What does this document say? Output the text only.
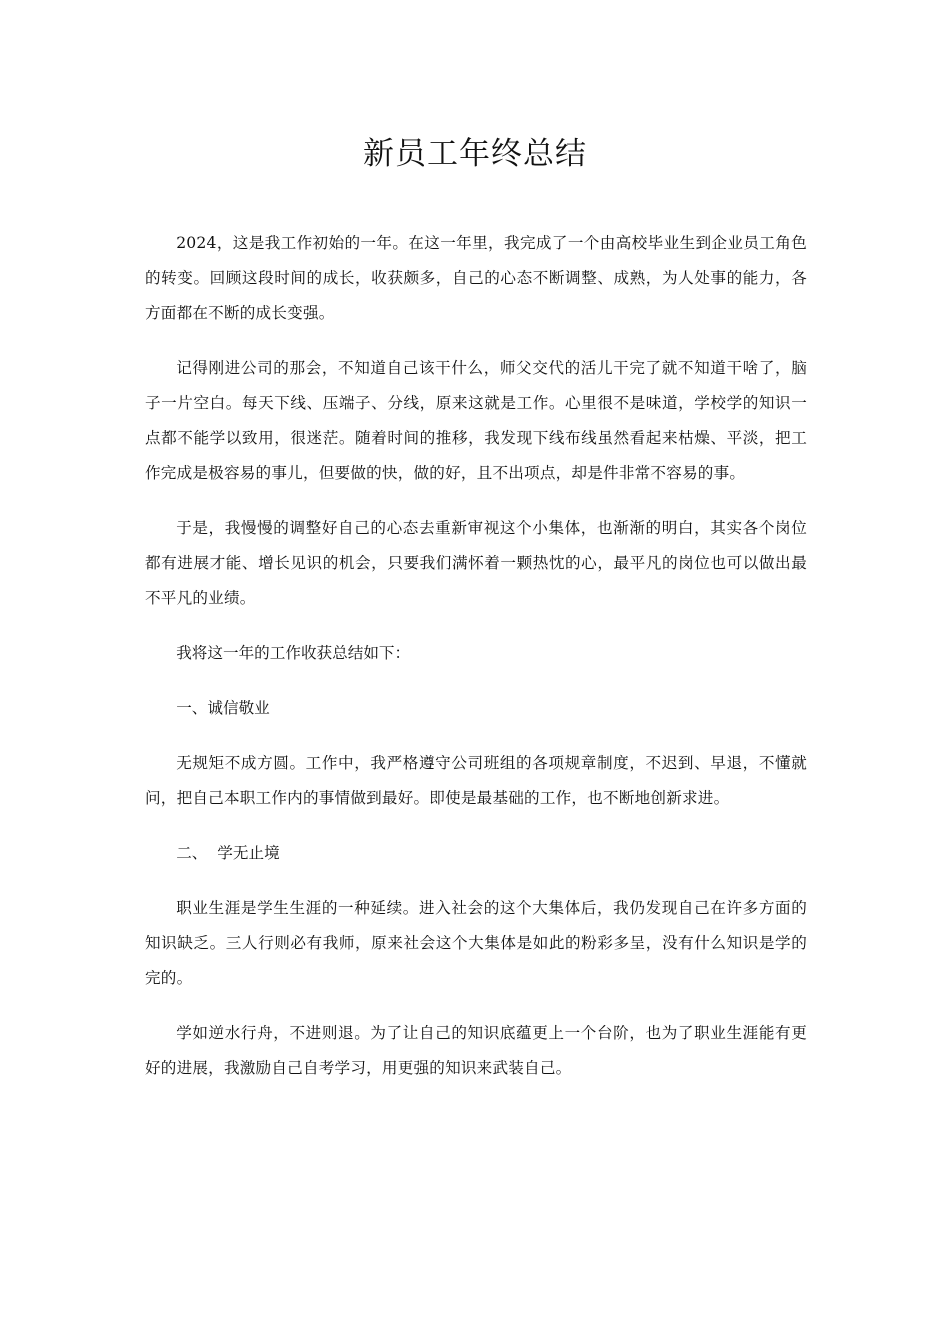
新员工年终总结

2024，这是我工作初始的一年。在这一年里，我完成了一个由高校毕业生到企业员工角色的转变。回顾这段时间的成长，收获颇多，自己的心态不断调整、成熟，为人处事的能力，各方面都在不断的成长变强。

记得刚进公司的那会，不知道自己该干什么，师父交代的活儿干完了就不知道干啥了，脑子一片空白。每天下线、压端子、分线，原来这就是工作。心里很不是味道，学校学的知识一点都不能学以致用，很迷茫。随着时间的推移，我发现下线布线虽然看起来枯燥、平淡，把工作完成是极容易的事儿，但要做的快，做的好，且不出项点，却是件非常不容易的事。

于是，我慢慢的调整好自己的心态去重新审视这个小集体，也渐渐的明白，其实各个岗位都有进展才能、增长见识的机会，只要我们满怀着一颗热忱的心，最平凡的岗位也可以做出最不平凡的业绩。

我将这一年的工作收获总结如下：

一、诚信敬业

无规矩不成方圆。工作中，我严格遵守公司班组的各项规章制度，不迟到、早退，不懂就问，把自己本职工作内的事情做到最好。即使是最基础的工作，也不断地创新求进。

二、  学无止境

职业生涯是学生生涯的一种延续。进入社会的这个大集体后，我仍发现自己在许多方面的知识缺乏。三人行则必有我师，原来社会这个大集体是如此的粉彩多呈，没有什么知识是学的完的。

学如逆水行舟，不进则退。为了让自己的知识底蕴更上一个台阶，也为了职业生涯能有更好的进展，我激励自己自考学习，用更强的知识来武装自己。
